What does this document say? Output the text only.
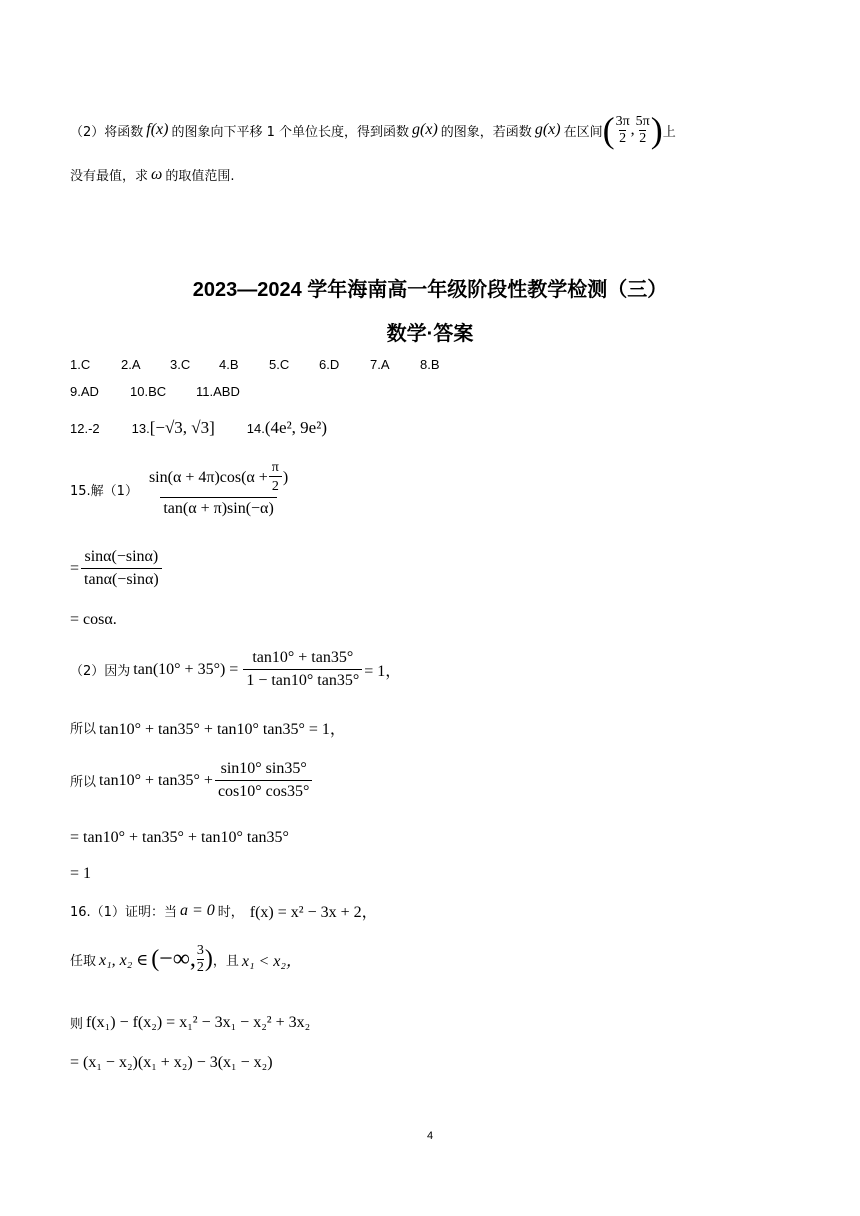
（2）将函数 f(x) 的图象向下平移 1 个单位长度，得到函数 g(x) 的图象，若函数 g(x) 在区间 ( $\frac{3\pi}{2}$ , $\frac{5\pi}{2}$ ) 上
没有最值，求 ω 的取值范围.
2023—2024 学年海南高一年级阶段性教学检测（三）
数学·答案
1.C 2.A 3.C 4.B 5.C 6.D 7.A 8.B
9.AD 10.BC 11.ABD
12.-2 13. [−√3, √3] 14. (4e², 9e²)
15.解（1）
$\sin(\alpha + 4\pi)\cos(\alpha + \frac{\pi}{2}$ )
tan(α + π)sin(−α)
= $\frac{\sin\alpha(-\sin\alpha)}{\tan\alpha(-\sin\alpha)}$
= cosα.
（2）因为 $\tan(10^\circ + 35^\circ) = \frac{\tan 10^\circ + \tan 35^\circ}{1 - \tan 10^\circ \tan 35^\circ} = 1$，
所以 tan10° + tan35° + tan10° tan35° = 1，
所以 $\tan 10^\circ + \tan 35^\circ + \frac{\sin 10^\circ \sin 35^\circ}{\cos 10^\circ \cos 35^\circ}$
= tan10° + tan35° + tan10° tan35°
= 1
16.（1）证明：当 a = 0 时， f(x) = x² − 3x + 2，
任取 x₁, x₂ ∈ (−∞, $\frac{3}{2}$ ) ，且 x₁ < x₂，
则 f(x₁) − f(x₂) = x₁² − 3x₁ − x₂² + 3x₂
= (x₁ − x₂)(x₁ + x₂) − 3(x₁ − x₂)
4
